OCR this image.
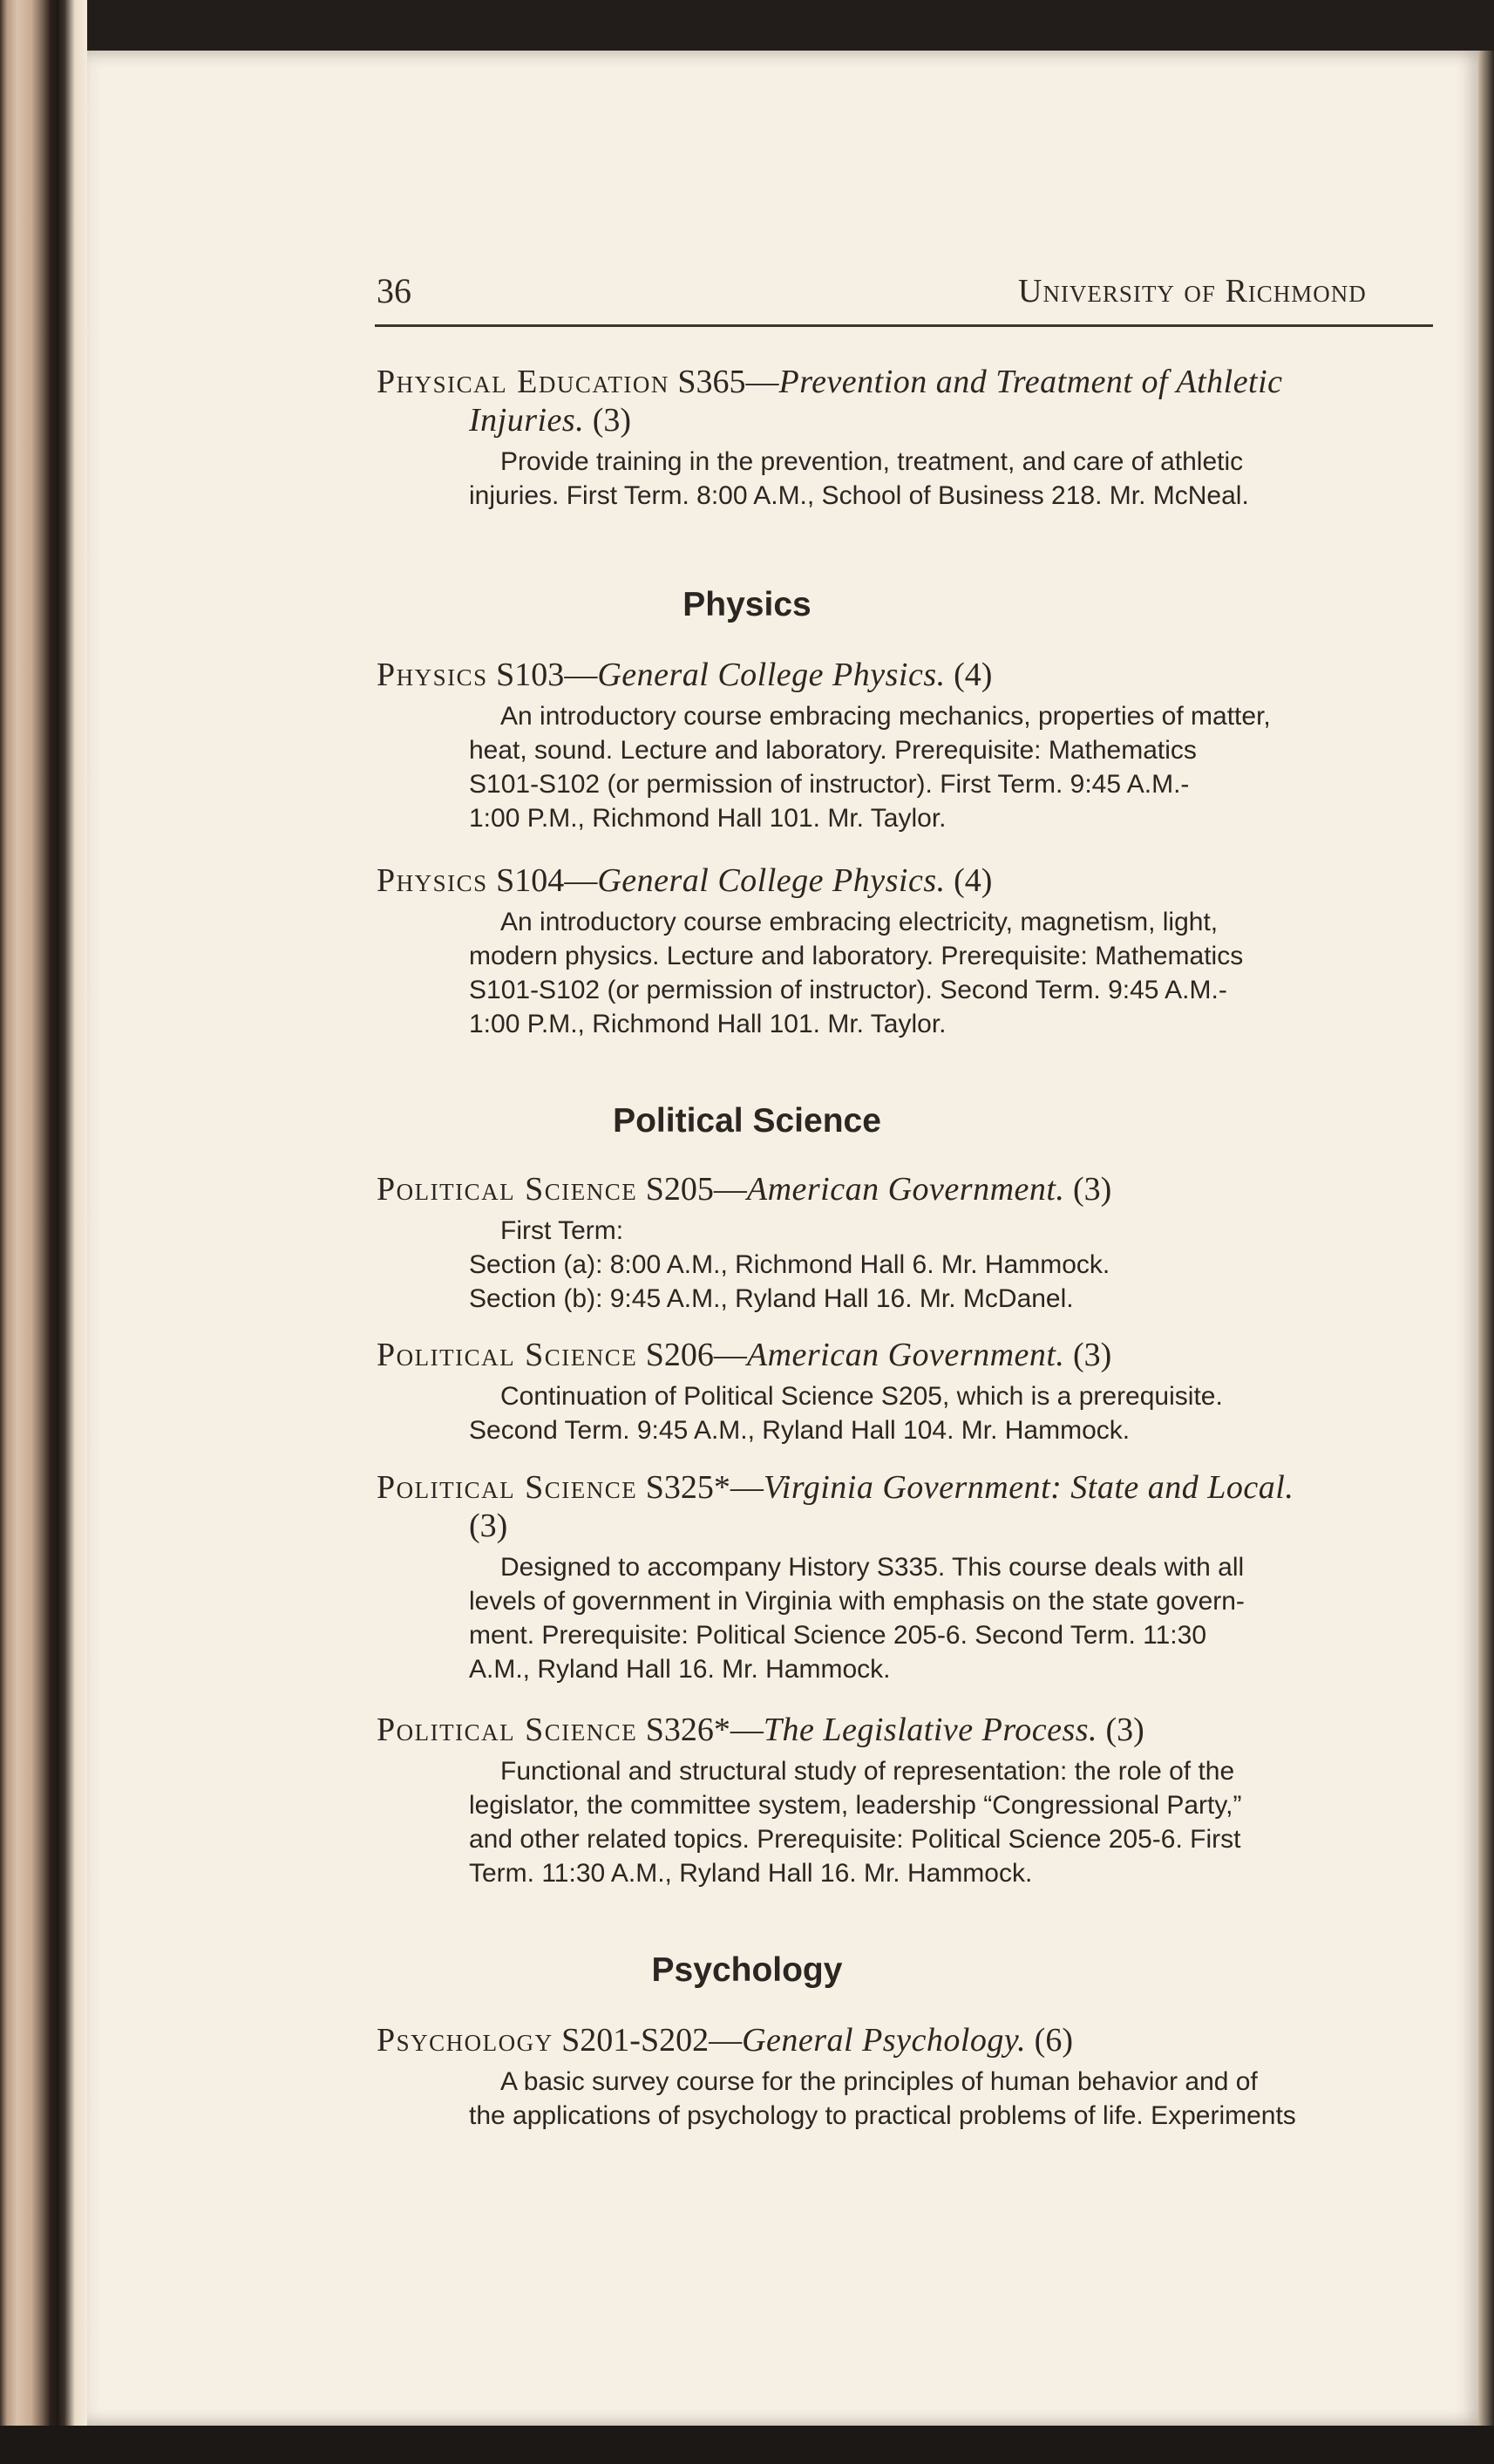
36	University of Richmond
Physical Education S365—Prevention and Treatment of Athletic
Injuries. (3)
Provide training in the prevention, treatment, and care of athletic
injuries. First Term. 8:00 A.M., School of Business 218. Mr. McNeal.
Physics
Physics S103—General College Physics. (4)
An introductory course embracing mechanics, properties of matter,
heat, sound. Lecture and laboratory. Prerequisite: Mathematics
S101-S102 (or permission of instructor). First Term. 9:45 A.M.-
1:00 P.M., Richmond Hall 101. Mr. Taylor.
Physics S104—General College Physics. (4)
An introductory course embracing electricity, magnetism, light,
modern physics. Lecture and laboratory. Prerequisite: Mathematics
S101-S102 (or permission of instructor). Second Term. 9:45 A.M.-
1:00 P.M., Richmond Hall 101. Mr. Taylor.
Political Science
Political Science S205—American Government. (3)
First Term:
Section (a): 8:00 A.M., Richmond Hall 6. Mr. Hammock.
Section (b): 9:45 A.M., Ryland Hall 16. Mr. McDanel.
Political Science S206—American Government. (3)
Continuation of Political Science S205, which is a prerequisite.
Second Term. 9:45 A.M., Ryland Hall 104. Mr. Hammock.
Political Science S325*—Virginia Government: State and Local.
(3)
Designed to accompany History S335. This course deals with all
levels of government in Virginia with emphasis on the state govern-
ment. Prerequisite: Political Science 205-6. Second Term. 11:30
A.M., Ryland Hall 16. Mr. Hammock.
Political Science S326*—The Legislative Process. (3)
Functional and structural study of representation: the role of the
legislator, the committee system, leadership “Congressional Party,”
and other related topics. Prerequisite: Political Science 205-6. First
Term. 11:30 A.M., Ryland Hall 16. Mr. Hammock.
Psychology
Psychology S201-S202—General Psychology. (6)
A basic survey course for the principles of human behavior and of
the applications of psychology to practical problems of life. Experiments
